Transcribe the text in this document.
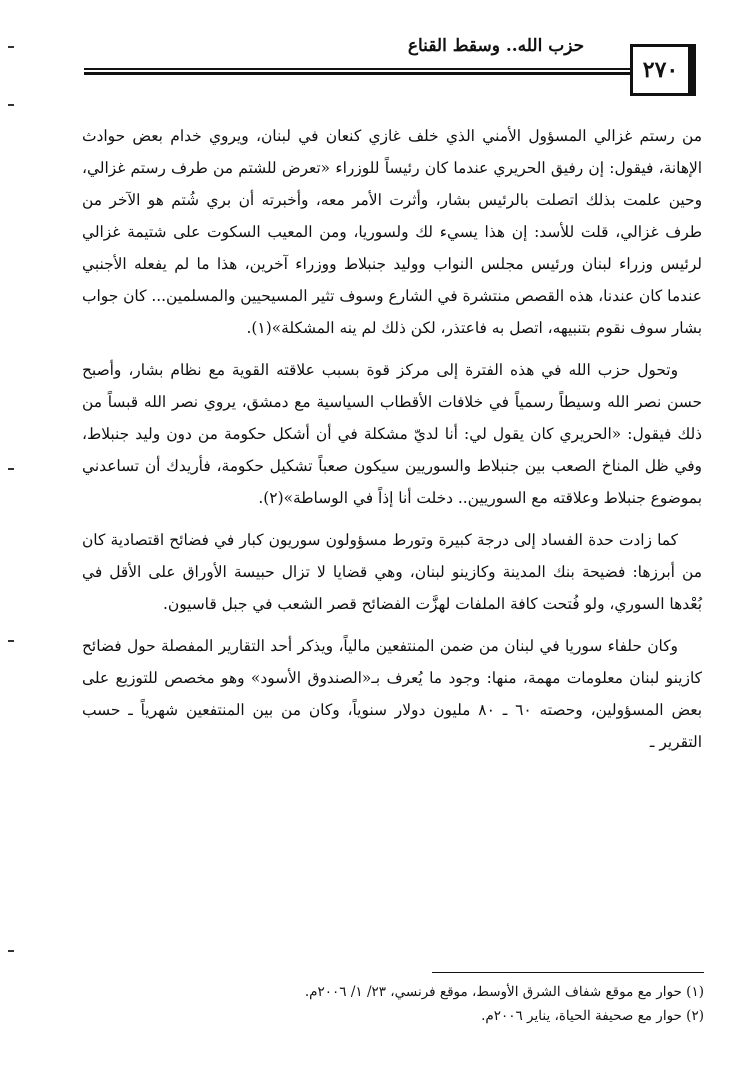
حزب الله.. وسقط القناع
٢٧٠

من رستم غزالي المسؤول الأمني الذي خلف غازي كنعان في لبنان، ويروي خدام بعض حوادث الإهانة، فيقول: إن رفيق الحريري عندما كان رئيساً للوزراء «تعرض للشتم من طرف رستم غزالي، وحين علمت بذلك اتصلت بالرئيس بشار، وأثرت الأمر معه، وأخبرته أن بري شُتم هو الآخر من طرف غزالي، قلت للأسد: إن هذا يسيء لك ولسوريا، ومن المعيب السكوت على شتيمة غزالي لرئيس وزراء لبنان ورئيس مجلس النواب ووليد جنبلاط ووزراء آخرين، هذا ما لم يفعله الأجنبي عندما كان عندنا، هذه القصص منتشرة في الشارع وسوف تثير المسيحيين والمسلمين... كان جواب بشار سوف نقوم بتنبيهه، اتصل به فاعتذر، لكن ذلك لم ينه المشكلة»(١).

وتحول حزب الله في هذه الفترة إلى مركز قوة بسبب علاقته القوية مع نظام بشار، وأصبح حسن نصر الله وسيطاً رسمياً في خلافات الأقطاب السياسية مع دمشق، يروي نصر الله قبساً من ذلك فيقول: «الحريري كان يقول لي: أنا لديّ مشكلة في أن أشكل حكومة من دون وليد جنبلاط، وفي ظل المناخ الصعب بين جنبلاط والسوريين سيكون صعباً تشكيل حكومة، فأريدك أن تساعدني بموضوع جنبلاط وعلاقته مع السوريين.. دخلت أنا إذاً في الوساطة»(٢).

كما زادت حدة الفساد إلى درجة كبيرة وتورط مسؤولون سوريون كبار في فضائح اقتصادية كان من أبرزها: فضيحة بنك المدينة وكازينو لبنان، وهي قضايا لا تزال حبيسة الأوراق على الأقل في بُعْدها السوري، ولو فُتحت كافة الملفات لهزَّت الفضائح قصر الشعب في جبل قاسيون.

وكان حلفاء سوريا في لبنان من ضمن المنتفعين مالياً، ويذكر أحد التقارير المفصلة حول فضائح كازينو لبنان معلومات مهمة، منها: وجود ما يُعرف بـ«الصندوق الأسود» وهو مخصص للتوزيع على بعض المسؤولين، وحصته ٦٠ ـ ٨٠ مليون دولار سنوياً، وكان من بين المنتفعين شهرياً ـ حسب التقرير ـ

(١) حوار مع موقع شفاف الشرق الأوسط، موقع فرنسي، ٢٣/ ١/ ٢٠٠٦م.

(٢) حوار مع صحيفة الحياة، يناير ٢٠٠٦م.
